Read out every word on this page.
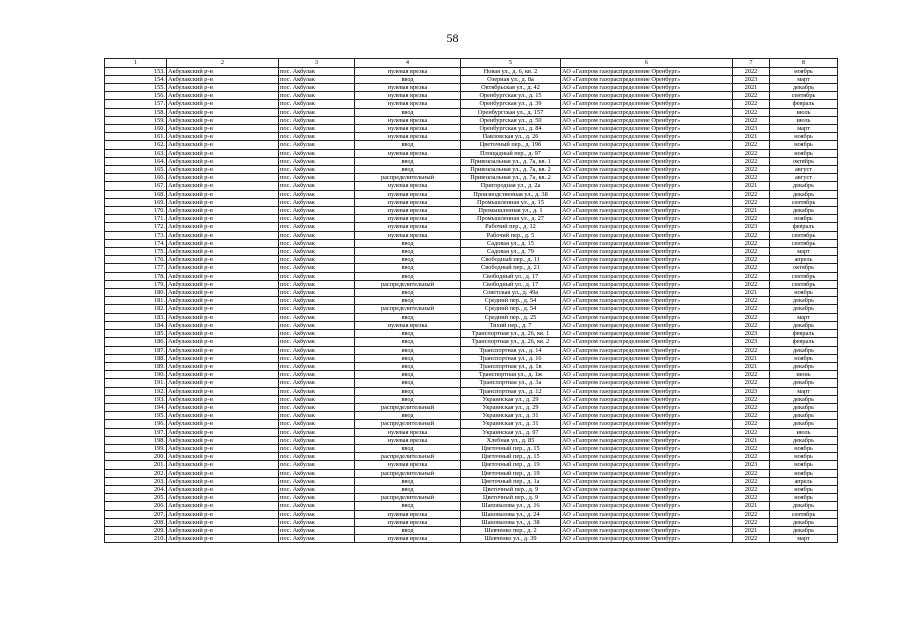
58
1	2	3	4	5	6	7	8
153.	Акбулакский р-н	пос. Акбулак	нулевая врезка	Новая ул., д. 6, кв. 2	АО «Газпром газораспределение Оренбург»	2022	ноябрь
154.	Акбулакский р-н	пос. Акбулак	ввод	Озерная ул., д. 8а	АО «Газпром газораспределение Оренбург»	2023	март
155.	Акбулакский р-н	пос. Акбулак	нулевая врезка	Октябрьская ул., д. 42	АО «Газпром газораспределение Оренбург»	2021	декабрь
156.	Акбулакский р-н	пос. Акбулак	нулевая врезка	Оренбургская ул., д. 15	АО «Газпром газораспределение Оренбург»	2022	сентябрь
157.	Акбулакский р-н	пос. Акбулак	нулевая врезка	Оренбургская ул., д. 39	АО «Газпром газораспределение Оренбург»	2022	февраль
158.	Акбулакский р-н	пос. Акбулак	ввод	Оренбургская ул., д. 157	АО «Газпром газораспределение Оренбург»	2022	июль
159.	Акбулакский р-н	пос. Акбулак	нулевая врезка	Оренбургская ул., д. 50	АО «Газпром газораспределение Оренбург»	2022	июль
160.	Акбулакский р-н	пос. Акбулак	нулевая врезка	Оренбургская ул., д. 84	АО «Газпром газораспределение Оренбург»	2023	март
161.	Акбулакский р-н	пос. Акбулак	нулевая врезка	Павловская ул., д. 26	АО «Газпром газораспределение Оренбург»	2021	ноябрь
162.	Акбулакский р-н	пос. Акбулак	ввод	Цветочный пер., д. 19б	АО «Газпром газораспределение Оренбург»	2022	ноябрь
163.	Акбулакский р-н	пос. Акбулак	нулевая врезка	Площадный пер., д. 97	АО «Газпром газораспределение Оренбург»	2022	ноябрь
164.	Акбулакский р-н	пос. Акбулак	ввод	Привокзальная ул., д. 7а, кв. 1	АО «Газпром газораспределение Оренбург»	2022	октябрь
165.	Акбулакский р-н	пос. Акбулак	ввод	Привокзальная ул., д. 7а, кв. 2	АО «Газпром газораспределение Оренбург»	2022	август
166.	Акбулакский р-н	пос. Акбулак	распределительный	Привокзальная ул., д. 7а, кв. 2	АО «Газпром газораспределение Оренбург»	2022	август
167.	Акбулакский р-н	пос. Акбулак	нулевая врезка	Пригородная ул., д. 2а	АО «Газпром газораспределение Оренбург»	2021	декабрь
168.	Акбулакский р-н	пос. Акбулак	нулевая врезка	Производственная ул., д. 38	АО «Газпром газораспределение Оренбург»	2022	декабрь
169.	Акбулакский р-н	пос. Акбулак	нулевая врезка	Промышленная ул., д. 15	АО «Газпром газораспределение Оренбург»	2022	сентябрь
170.	Акбулакский р-н	пос. Акбулак	нулевая врезка	Промышленная ул., д. 1	АО «Газпром газораспределение Оренбург»	2021	декабрь
171.	Акбулакский р-н	пос. Акбулак	нулевая врезка	Промышленная ул., д. 27	АО «Газпром газораспределение Оренбург»	2022	ноябрь
172.	Акбулакский р-н	пос. Акбулак	нулевая врезка	Рабочий пер., д. 12	АО «Газпром газораспределение Оренбург»	2023	февраль
173.	Акбулакский р-н	пос. Акбулак	нулевая врезка	Рабочий пер., д. 5	АО «Газпром газораспределение Оренбург»	2022	сентябрь
174.	Акбулакский р-н	пос. Акбулак	ввод	Садовая ул., д. 15	АО «Газпром газораспределение Оренбург»	2022	сентябрь
175.	Акбулакский р-н	пос. Акбулак	ввод	Садовая ул., д. 79	АО «Газпром газораспределение Оренбург»	2022	март
176.	Акбулакский р-н	пос. Акбулак	ввод	Свободный пер., д. 11	АО «Газпром газораспределение Оренбург»	2022	апрель
177.	Акбулакский р-н	пос. Акбулак	ввод	Свободный пер., д. 21	АО «Газпром газораспределение Оренбург»	2022	октябрь
178.	Акбулакский р-н	пос. Акбулак	ввод	Свободный ул., д. 17	АО «Газпром газораспределение Оренбург»	2022	сентябрь
179.	Акбулакский р-н	пос. Акбулак	распределительный	Свободный ул., д. 17	АО «Газпром газораспределение Оренбург»	2022	сентябрь
180.	Акбулакский р-н	пос. Акбулак	ввод	Советская ул., д. 49а	АО «Газпром газораспределение Оренбург»	2021	ноябрь
181.	Акбулакский р-н	пос. Акбулак	ввод	Средний пер., д. 54	АО «Газпром газораспределение Оренбург»	2022	декабрь
182.	Акбулакский р-н	пос. Акбулак	распределительный	Средний пер., д. 54	АО «Газпром газораспределение Оренбург»	2022	декабрь
183.	Акбулакский р-н	пос. Акбулак	ввод	Средний пер., д. 25	АО «Газпром газораспределение Оренбург»	2022	март
184.	Акбулакский р-н	пос. Акбулак	нулевая врезка	Тихий пер., д. 7	АО «Газпром газораспределение Оренбург»	2022	декабрь
185.	Акбулакский р-н	пос. Акбулак	ввод	Транспортная ул., д. 26, кв. 1	АО «Газпром газораспределение Оренбург»	2023	февраль
186.	Акбулакский р-н	пос. Акбулак	ввод	Транспортная ул., д. 26, кв. 2	АО «Газпром газораспределение Оренбург»	2023	февраль
187.	Акбулакский р-н	пос. Акбулак	ввод	Транспортная ул., д. 14	АО «Газпром газораспределение Оренбург»	2022	декабрь
188.	Акбулакский р-н	пос. Акбулак	ввод	Транспортная ул., д. 16	АО «Газпром газораспределение Оренбург»	2021	ноябрь
189.	Акбулакский р-н	пос. Акбулак	ввод	Транспортная ул., д. 1в	АО «Газпром газораспределение Оренбург»	2021	декабрь
190.	Акбулакский р-н	пос. Акбулак	ввод	Транспортная ул., д. 1ж	АО «Газпром газораспределение Оренбург»	2022	июнь
191.	Акбулакский р-н	пос. Акбулак	ввод	Транспортная ул., д. 3а	АО «Газпром газораспределение Оренбург»	2022	декабрь
192.	Акбулакский р-н	пос. Акбулак	ввод	Транспортная ул., д. 12	АО «Газпром газораспределение Оренбург»	2023	март
193.	Акбулакский р-н	пос. Акбулак	ввод	Украинская ул., д. 29	АО «Газпром газораспределение Оренбург»	2022	декабрь
194.	Акбулакский р-н	пос. Акбулак	распределительный	Украинская ул., д. 29	АО «Газпром газораспределение Оренбург»	2022	декабрь
195.	Акбулакский р-н	пос. Акбулак	ввод	Украинская ул., д. 31	АО «Газпром газораспределение Оренбург»	2022	декабрь
196.	Акбулакский р-н	пос. Акбулак	распределительный	Украинская ул., д. 31	АО «Газпром газораспределение Оренбург»	2022	декабрь
197.	Акбулакский р-н	пос. Акбулак	нулевая врезка	Украинская ул., д. 97	АО «Газпром газораспределение Оренбург»	2022	июль
198.	Акбулакский р-н	пос. Акбулак	нулевая врезка	Хлебная ул., д. 85	АО «Газпром газораспределение Оренбург»	2021	декабрь
199.	Акбулакский р-н	пос. Акбулак	ввод	Цветочный пер., д. 15	АО «Газпром газораспределение Оренбург»	2022	ноябрь
200.	Акбулакский р-н	пос. Акбулак	распределительный	Цветочный пер., д. 15	АО «Газпром газораспределение Оренбург»	2022	ноябрь
201.	Акбулакский р-н	пос. Акбулак	нулевая врезка	Цветочный пер., д. 19	АО «Газпром газораспределение Оренбург»	2023	ноябрь
202.	Акбулакский р-н	пос. Акбулак	распределительный	Цветочный пер., д. 19	АО «Газпром газораспределение Оренбург»	2022	ноябрь
203.	Акбулакский р-н	пос. Акбулак	ввод	Цветочный пер., д. 1а	АО «Газпром газораспределение Оренбург»	2022	апрель
204.	Акбулакский р-н	пос. Акбулак	ввод	Цветочный пер., д. 9	АО «Газпром газораспределение Оренбург»	2022	ноябрь
205.	Акбулакский р-н	пос. Акбулак	распределительный	Цветочный пер., д. 9	АО «Газпром газораспределение Оренбург»	2022	ноябрь
206.	Акбулакский р-н	пос. Акбулак	ввод	Шаповалова ул., д. 16	АО «Газпром газораспределение Оренбург»	2021	декабрь
207.	Акбулакский р-н	пос. Акбулак	нулевая врезка	Шаповалова ул., д. 24	АО «Газпром газораспределение Оренбург»	2022	сентябрь
208.	Акбулакский р-н	пос. Акбулак	нулевая врезка	Шаповалова ул., д. 38	АО «Газпром газораспределение Оренбург»	2022	декабрь
209.	Акбулакский р-н	пос. Акбулак	ввод	Шевченко пер., д. 2	АО «Газпром газораспределение Оренбург»	2021	декабрь
210.	Акбулакский р-н	пос. Акбулак	нулевая врезка	Шевченко ул., д. 39	АО «Газпром газораспределение Оренбург»	2022	март
